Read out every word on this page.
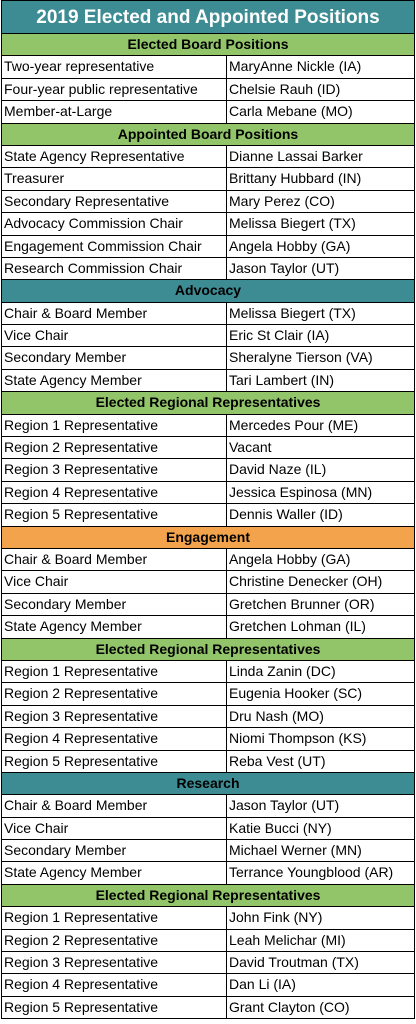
2019 Elected and Appointed Positions
Elected Board Positions
Two-year representative	MaryAnne Nickle (IA)
Four-year public representative	Chelsie Rauh (ID)
Member-at-Large	Carla Mebane (MO)
Appointed Board Positions
State Agency Representative	Dianne Lassai Barker
Treasurer	Brittany Hubbard (IN)
Secondary Representative	Mary Perez (CO)
Advocacy Commission Chair	Melissa Biegert (TX)
Engagement Commission Chair	Angela Hobby (GA)
Research Commission Chair	Jason Taylor (UT)
Advocacy
Chair & Board Member	Melissa Biegert (TX)
Vice Chair	Eric St Clair (IA)
Secondary Member	Sheralyne Tierson (VA)
State Agency Member	Tari Lambert (IN)
Elected Regional Representatives
Region 1 Representative	Mercedes Pour (ME)
Region 2 Representative	Vacant
Region 3 Representative	David Naze (IL)
Region 4 Representative	Jessica Espinosa (MN)
Region 5 Representative	Dennis Waller (ID)
Engagement
Chair & Board Member	Angela Hobby (GA)
Vice Chair	Christine Denecker (OH)
Secondary Member	Gretchen Brunner (OR)
State Agency Member	Gretchen Lohman (IL)
Elected Regional Representatives
Region 1 Representative	Linda Zanin (DC)
Region 2 Representative	Eugenia Hooker (SC)
Region 3 Representative	Dru Nash (MO)
Region 4 Representative	Niomi Thompson (KS)
Region 5 Representative	Reba Vest (UT)
Research
Chair & Board Member	Jason Taylor (UT)
Vice Chair	Katie Bucci (NY)
Secondary Member	Michael Werner (MN)
State Agency Member	Terrance Youngblood (AR)
Elected Regional Representatives
Region 1 Representative	John Fink (NY)
Region 2 Representative	Leah Melichar (MI)
Region 3 Representative	David Troutman (TX)
Region 4 Representative	Dan Li (IA)
Region 5 Representative	Grant Clayton (CO)
